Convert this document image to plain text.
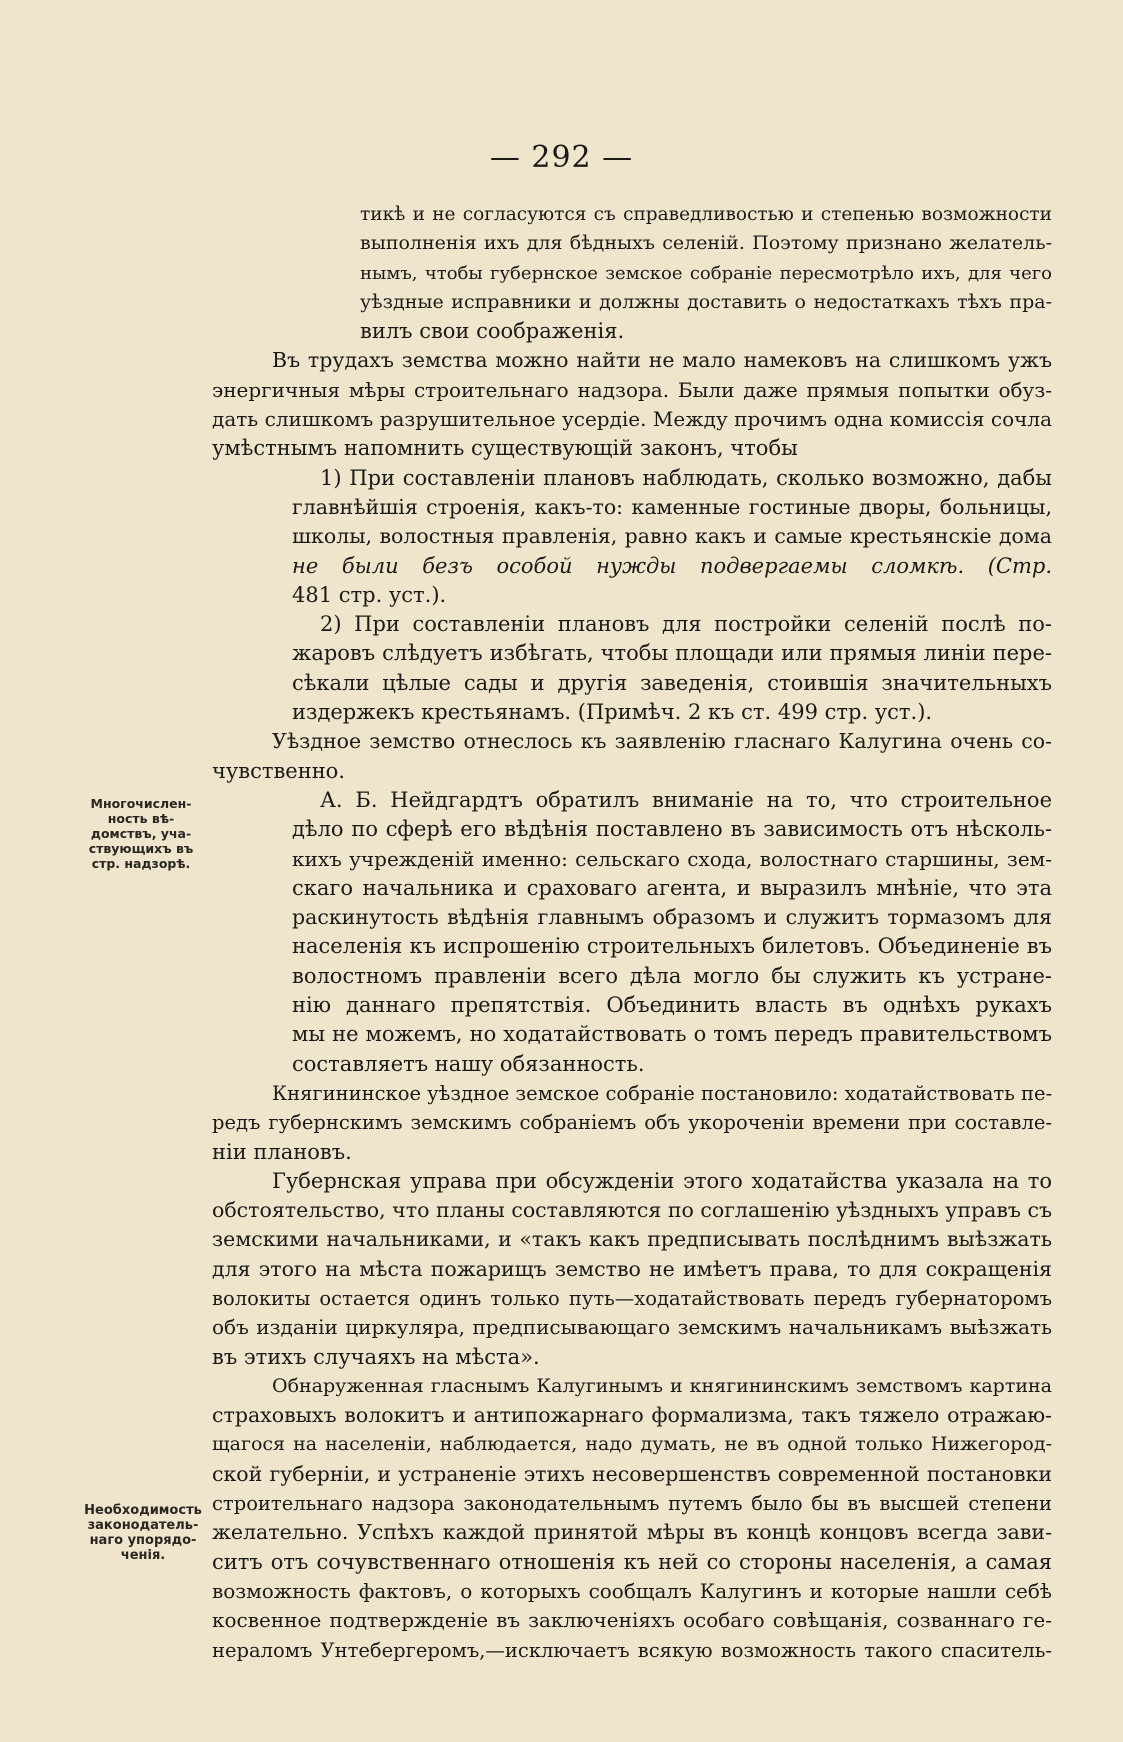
— 292 —
тикѣ и не согласуются съ справедливостью и степенью возможности
выполненія ихъ для бѣдныхъ селеній. Поэтому признано желатель-
нымъ, чтобы губернское земское собраніе пересмотрѣло ихъ, для чего
уѣздные исправники и должны доставить о недостаткахъ тѣхъ пра-
вилъ свои соображенія.
Въ трудахъ земства можно найти не мало намековъ на слишкомъ ужъ
энергичныя мѣры строительнаго надзора. Были даже прямыя попытки обуз-
дать слишкомъ разрушительное усердіе. Между прочимъ одна комиссія сочла
умѣстнымъ напомнить существующій законъ, чтобы
1) При составленіи плановъ наблюдать, сколько возможно, дабы
главнѣйшія строенія, какъ-то: каменные гостиные дворы, больницы,
школы, волостныя правленія, равно какъ и самые крестьянскіе дома
не были безъ особой нужды подвергаемы сломкѣ. (Стр.
481 стр. уст.).
2) При составленіи плановъ для постройки селеній послѣ по-
жаровъ слѣдуетъ избѣгать, чтобы площади или прямыя линіи пере-
сѣкали цѣлые сады и другія заведенія, стоившія значительныхъ
издержекъ крестьянамъ. (Примѣч. 2 къ ст. 499 стр. уст.).
Уѣздное земство отнеслось къ заявленію гласнаго Калугина очень со-
чувственно.
А. Б. Нейдгардтъ обратилъ вниманіе на то, что строительное
дѣло по сферѣ его вѣдѣнія поставлено въ зависимость отъ нѣсколь-
кихъ учрежденій именно: сельскаго схода, волостнаго старшины, зем-
скаго начальника и сраховаго агента, и выразилъ мнѣніе, что эта
раскинутость вѣдѣнія главнымъ образомъ и служитъ тормазомъ для
населенія къ испрошенію строительныхъ билетовъ. Объединеніе въ
волостномъ правленіи всего дѣла могло бы служить къ устране-
нію даннаго препятствія. Объединить власть въ однѣхъ рукахъ
мы не можемъ, но ходатайствовать о томъ передъ правительствомъ
составляетъ нашу обязанность.
Княгининское уѣздное земское собраніе постановило: ходатайствовать пе-
редъ губернскимъ земскимъ собраніемъ объ укороченіи времени при составле-
ніи плановъ.
Губернская управа при обсужденіи этого ходатайства указала на то
обстоятельство, что планы составляются по соглашенію уѣздныхъ управъ съ
земскими начальниками, и «такъ какъ предписывать послѣднимъ выѣзжать
для этого на мѣста пожарищъ земство не имѣетъ права, то для сокращенія
волокиты остается одинъ только путь—ходатайствовать передъ губернаторомъ
объ изданіи циркуляра, предписывающаго земскимъ начальникамъ выѣзжать
въ этихъ случаяхъ на мѣста».
Обнаруженная гласнымъ Калугинымъ и княгининскимъ земствомъ картина
страховыхъ волокитъ и антипожарнаго формализма, такъ тяжело отражаю-
щагося на населеніи, наблюдается, надо думать, не въ одной только Нижегород-
ской губерніи, и устраненіе этихъ несовершенствъ современной постановки
строительнаго надзора законодательнымъ путемъ было бы въ высшей степени
желательно. Успѣхъ каждой принятой мѣры въ концѣ концовъ всегда зави-
ситъ отъ сочувственнаго отношенія къ ней со стороны населенія, а самая
возможность фактовъ, о которыхъ сообщалъ Калугинъ и которые нашли себѣ
косвенное подтвержденіе въ заключеніяхъ особаго совѣщанія, созваннаго ге-
нераломъ Унтебергеромъ,—исключаетъ всякую возможность такого спаситель-
Многочислен-
ность вѣ-
домствъ, уча-
ствующихъ въ
стр. надзорѣ.
Необходимость
законодатель-
наго упорядо-
ченія.
